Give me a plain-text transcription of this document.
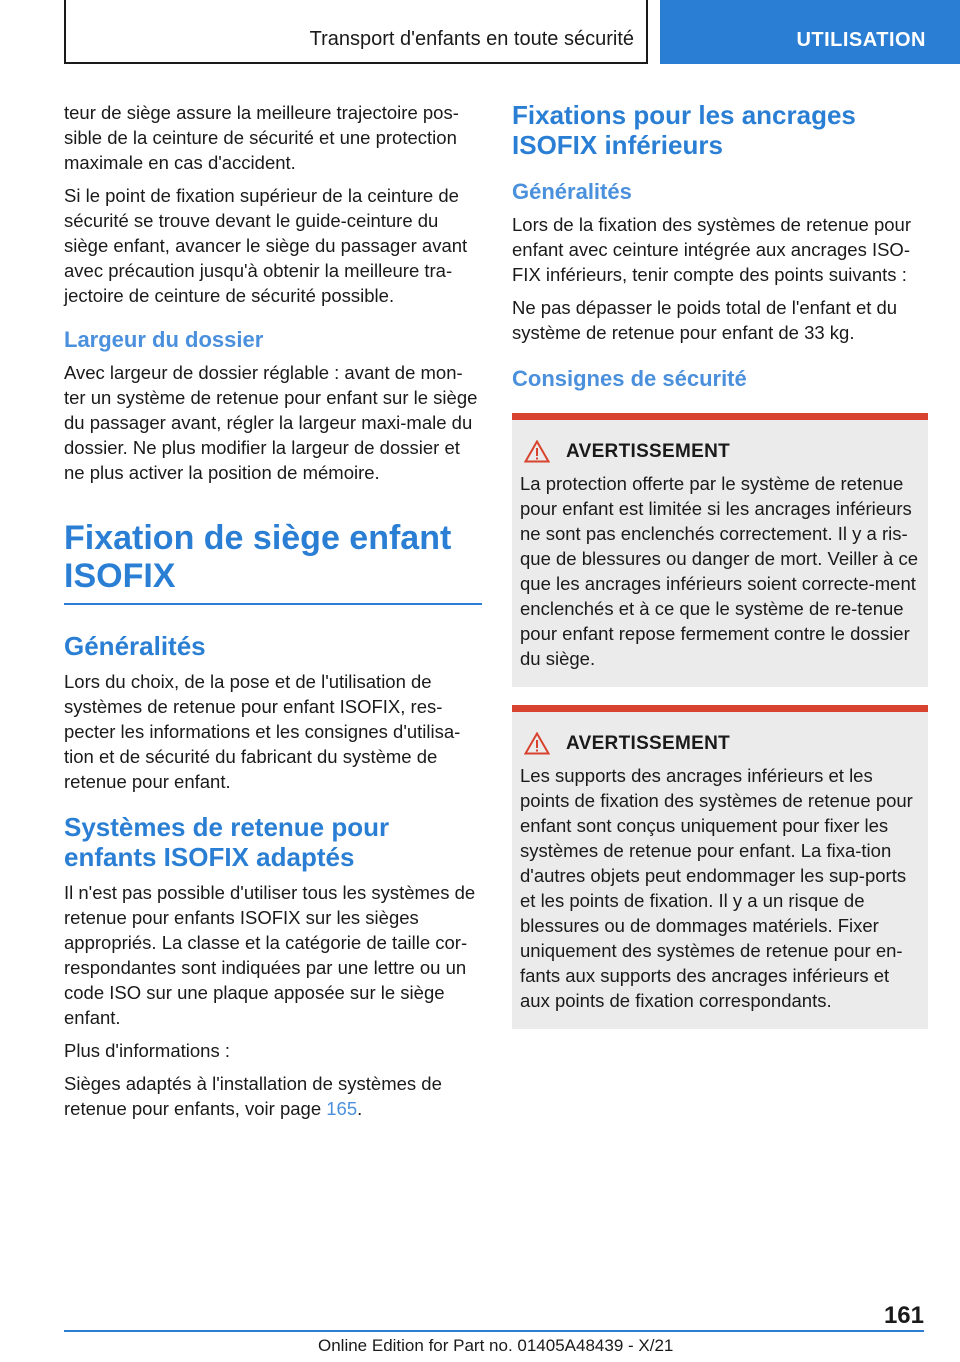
Transport d'enfants en toute sécurité	UTILISATION

teur de siège assure la meilleure trajectoire pos-sible de la ceinture de sécurité et une protection maximale en cas d'accident.

Si le point de fixation supérieur de la ceinture de sécurité se trouve devant le guide-ceinture du siège enfant, avancer le siège du passager avant avec précaution jusqu'à obtenir la meilleure tra-jectoire de ceinture de sécurité possible.

Largeur du dossier

Avec largeur de dossier réglable : avant de mon-ter un système de retenue pour enfant sur le siège du passager avant, régler la largeur maxi-male du dossier. Ne plus modifier la largeur de dossier et ne plus activer la position de mémoire.

Fixation de siège enfant ISOFIX
Généralités

Lors du choix, de la pose et de l'utilisation de systèmes de retenue pour enfant ISOFIX, res-pecter les informations et les consignes d'utilisa-tion et de sécurité du fabricant du système de retenue pour enfant.

Systèmes de retenue pour enfants ISOFIX adaptés

Il n'est pas possible d'utiliser tous les systèmes de retenue pour enfants ISOFIX sur les sièges appropriés. La classe et la catégorie de taille cor-respondantes sont indiquées par une lettre ou un code ISO sur une plaque apposée sur le siège enfant.

Plus d'informations :

Sièges adaptés à l'installation de systèmes de retenue pour enfants, voir page 165.

Fixations pour les ancrages ISOFIX inférieurs
Généralités

Lors de la fixation des systèmes de retenue pour enfant avec ceinture intégrée aux ancrages ISO-FIX inférieurs, tenir compte des points suivants :

Ne pas dépasser le poids total de l'enfant et du système de retenue pour enfant de 33 kg.

Consignes de sécurité
AVERTISSEMENT

La protection offerte par le système de retenue pour enfant est limitée si les ancrages inférieurs ne sont pas enclenchés correctement. Il y a ris-que de blessures ou danger de mort. Veiller à ce que les ancrages inférieurs soient correcte-ment enclenchés et à ce que le système de re-tenue pour enfant repose fermement contre le dossier du siège.

AVERTISSEMENT

Les supports des ancrages inférieurs et les points de fixation des systèmes de retenue pour enfant sont conçus uniquement pour fixer les systèmes de retenue pour enfant. La fixa-tion d'autres objets peut endommager les sup-ports et les points de fixation. Il y a un risque de blessures ou de dommages matériels. Fixer uniquement des systèmes de retenue pour en-fants aux supports des ancrages inférieurs et aux points de fixation correspondants.

161
Online Edition for Part no. 01405A48439 - X/21
